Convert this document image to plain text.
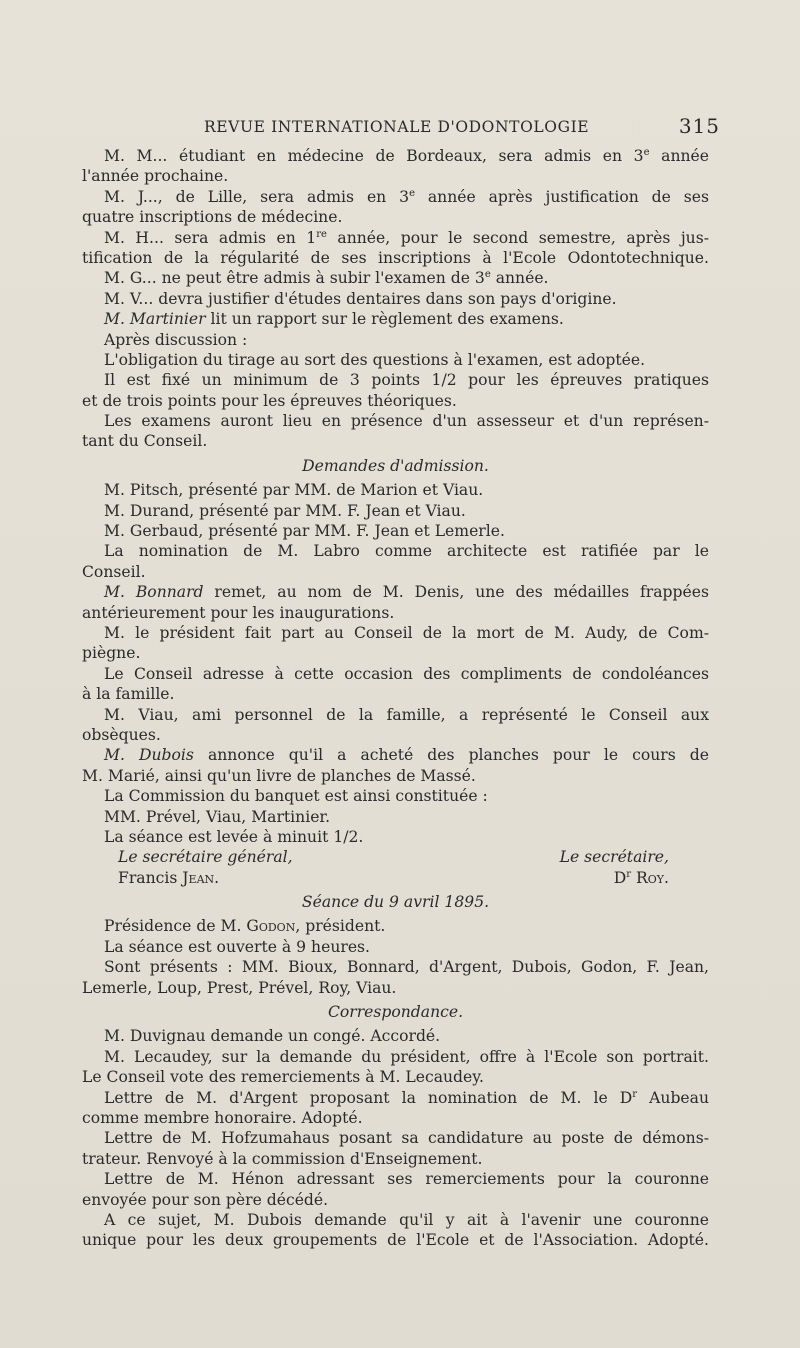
REVUE INTERNATIONALE D'ODONTOLOGIE	315
M. M... étudiant en médecine de Bordeaux, sera admis en 3e année
l'année prochaine.
M. J..., de Lille, sera admis en 3e année après justification de ses
quatre inscriptions de médecine.
M. H... sera admis en 1re année, pour le second semestre, après jus-
tification de la régularité de ses inscriptions à l'Ecole Odontotechnique.
M. G... ne peut être admis à subir l'examen de 3e année.
M. V... devra justifier d'études dentaires dans son pays d'origine.
M. Martinier lit un rapport sur le règlement des examens.
Après discussion :
L'obligation du tirage au sort des questions à l'examen, est adoptée.
Il est fixé un minimum de 3 points 1/2 pour les épreuves pratiques
et de trois points pour les épreuves théoriques.
Les examens auront lieu en présence d'un assesseur et d'un représen-
tant du Conseil.
Demandes d'admission.
M. Pitsch, présenté par MM. de Marion et Viau.
M. Durand, présenté par MM. F. Jean et Viau.
M. Gerbaud, présenté par MM. F. Jean et Lemerle.
La nomination de M. Labro comme architecte est ratifiée par le
Conseil.
M. Bonnard remet, au nom de M. Denis, une des médailles frappées
antérieurement pour les inaugurations.
M. le président fait part au Conseil de la mort de M. Audy, de Com-
piègne.
Le Conseil adresse à cette occasion des compliments de condoléances
à la famille.
M. Viau, ami personnel de la famille, a représenté le Conseil aux
obsèques.
M. Dubois annonce qu'il a acheté des planches pour le cours de
M. Marié, ainsi qu'un livre de planches de Massé.
La Commission du banquet est ainsi constituée :
MM. Prével, Viau, Martinier.
La séance est levée à minuit 1/2.
Le secrétaire général,	Le secrétaire,
Francis Jean.	$D^r$ Roy.
Séance du 9 avril 1895.
Présidence de M. Godon, président.
La séance est ouverte à 9 heures.
Sont présents : MM. Bioux, Bonnard, d'Argent, Dubois, Godon, F. Jean,
Lemerle, Loup, Prest, Prével, Roy, Viau.
Correspondance.
M. Duvignau demande un congé. Accordé.
M. Lecaudey, sur la demande du président, offre à l'Ecole son portrait.
Le Conseil vote des remerciements à M. Lecaudey.
Lettre de M. d'Argent proposant la nomination de M. le $D^r$ Aubeau
comme membre honoraire. Adopté.
Lettre de M. Hofzumahaus posant sa candidature au poste de démons-
trateur. Renvoyé à la commission d'Enseignement.
Lettre de M. Hénon adressant ses remerciements pour la couronne
envoyée pour son père décédé.
A ce sujet, M. Dubois demande qu'il y ait à l'avenir une couronne
unique pour les deux groupements de l'Ecole et de l'Association. Adopté.
